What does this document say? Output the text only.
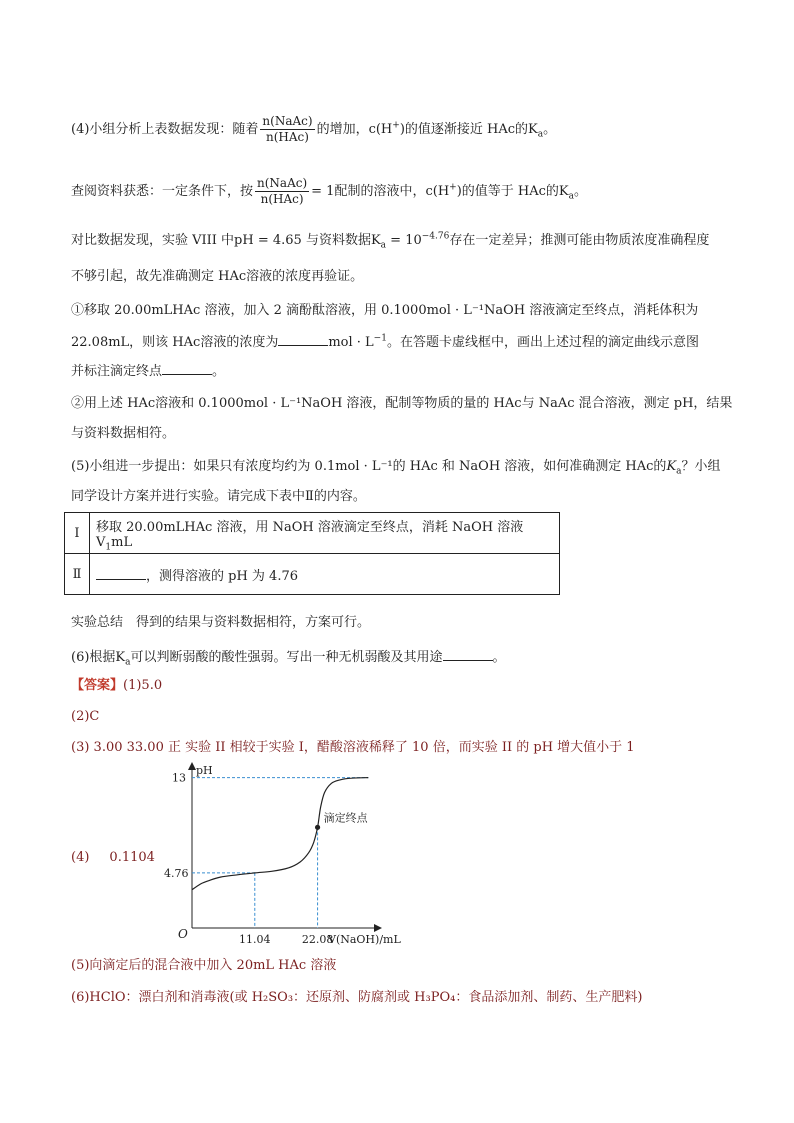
(4)小组分析上表数据发现：随着 $\frac{\text{n(NaAc)}}{\text{n(HAc)}}$ 的增加，c(H+)的值逐渐接近 HAc的$K_a$。
查阅资料获悉：一定条件下，按 $\frac{\text{n(NaAc)}}{\text{n(HAc)}} = 1$配制的溶液中，c(H+)的值等于 HAc的$K_a$。
对比数据发现，实验 VIII 中pH = 4.65 与资料数据$K_a = 10^{-4.76}$存在一定差异；推测可能由物质浓度准确程度
不够引起，故先准确测定 HAc溶液的浓度再验证。
①移取 20.00mLHAc 溶液，加入 2 滴酚酞溶液，用 0.1000mol · L⁻¹NaOH 溶液滴定至终点，消耗体积为
22.08mL，则该 HAc溶液的浓度为	mol · $L^{-1}$。在答题卡虚线框中，画出上述过程的滴定曲线示意图
并标注滴定终点	。
②用上述 HAc溶液和 0.1000mol · L⁻¹NaOH 溶液，配制等物质的量的 HAc与 NaAc 混合溶液，测定 pH，结果
与资料数据相符。
(5)小组进一步提出：如果只有浓度均约为 0.1mol · L⁻¹的 HAc 和 NaOH 溶液，如何准确测定 HAc的$K_a$？小组
同学设计方案并进行实验。请完成下表中Ⅱ的内容。
Ⅰ	移取 20.00mLHAc 溶液，用 NaOH 溶液滴定至终点，消耗 NaOH 溶液 $V_1mL$
Ⅱ	，测得溶液的 pH 为 4.76
实验总结　得到的结果与资料数据相符，方案可行。
(6)根据$K_a$可以判断弱酸的酸性强弱。写出一种无机弱酸及其用途	。
【答案】(1)5.0
(2)C
(3) 3.00 33.00 正 实验 II 相较于实验 I，醋酸溶液稀释了 10 倍，而实验 II 的 pH 增大值小于 1
(4) 0.1104
pH
V(NaOH)/mL
O
13
4.76
11.04	22.08
滴定终点
(5)向滴定后的混合液中加入 20mL HAc 溶液
(6)HClO：漂白剂和消毒液(或 H₂SO₃：还原剂、防腐剂或 H₃PO₄：食品添加剂、制药、生产肥料)
